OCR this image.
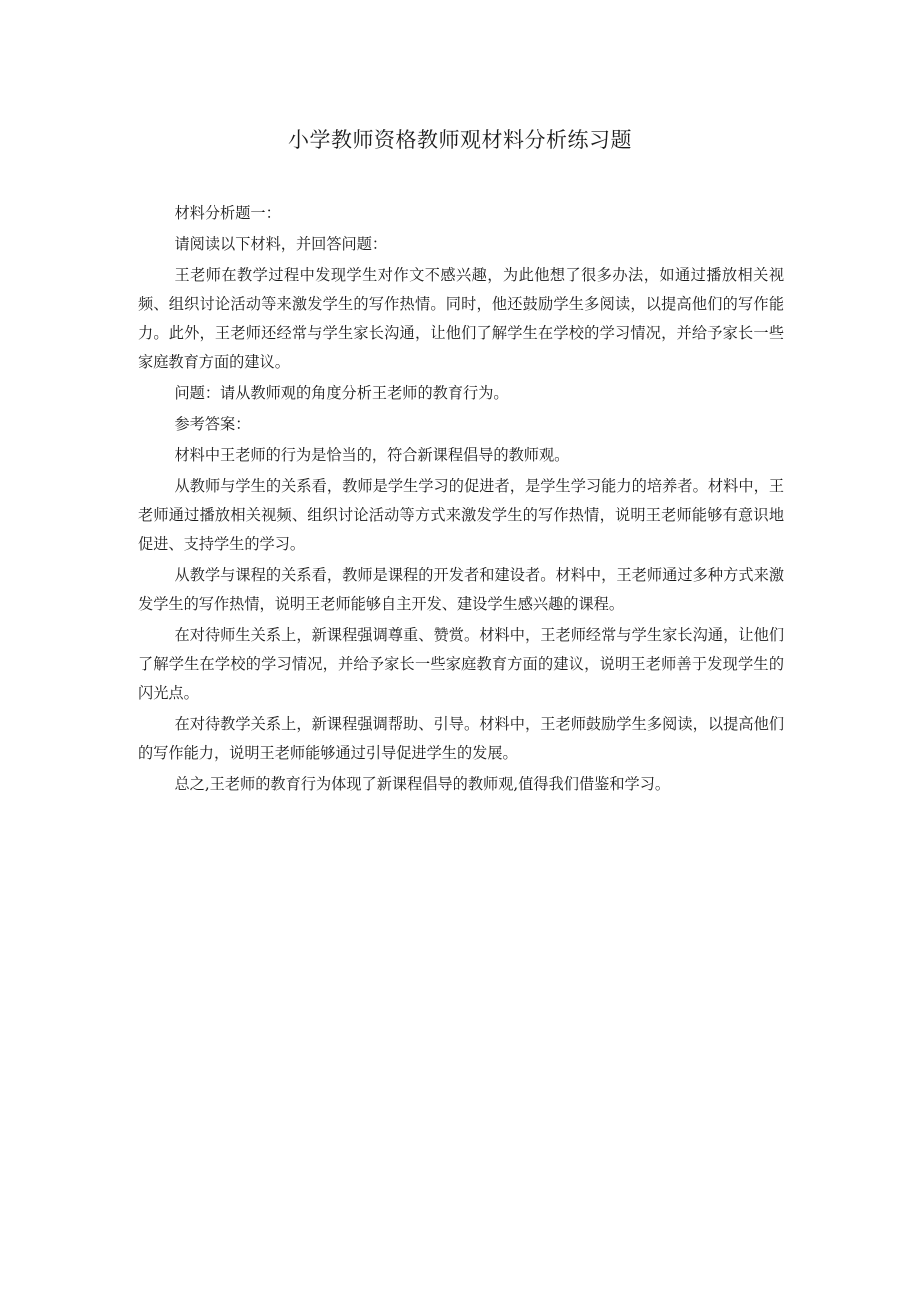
小学教师资格教师观材料分析练习题

材料分析题一：

请阅读以下材料，并回答问题：

王老师在教学过程中发现学生对作文不感兴趣，为此他想了很多办法，如通过播放相关视频、组织讨论活动等来激发学生的写作热情。同时，他还鼓励学生多阅读，以提高他们的写作能力。此外，王老师还经常与学生家长沟通，让他们了解学生在学校的学习情况，并给予家长一些家庭教育方面的建议。

问题：请从教师观的角度分析王老师的教育行为。

参考答案：

材料中王老师的行为是恰当的，符合新课程倡导的教师观。

从教师与学生的关系看，教师是学生学习的促进者，是学生学习能力的培养者。材料中，王老师通过播放相关视频、组织讨论活动等方式来激发学生的写作热情，说明王老师能够有意识地促进、支持学生的学习。

从教学与课程的关系看，教师是课程的开发者和建设者。材料中，王老师通过多种方式来激发学生的写作热情，说明王老师能够自主开发、建设学生感兴趣的课程。

在对待师生关系上，新课程强调尊重、赞赏。材料中，王老师经常与学生家长沟通，让他们了解学生在学校的学习情况，并给予家长一些家庭教育方面的建议，说明王老师善于发现学生的闪光点。

在对待教学关系上，新课程强调帮助、引导。材料中，王老师鼓励学生多阅读，以提高他们的写作能力，说明王老师能够通过引导促进学生的发展。

总之,王老师的教育行为体现了新课程倡导的教师观,值得我们借鉴和学习。
